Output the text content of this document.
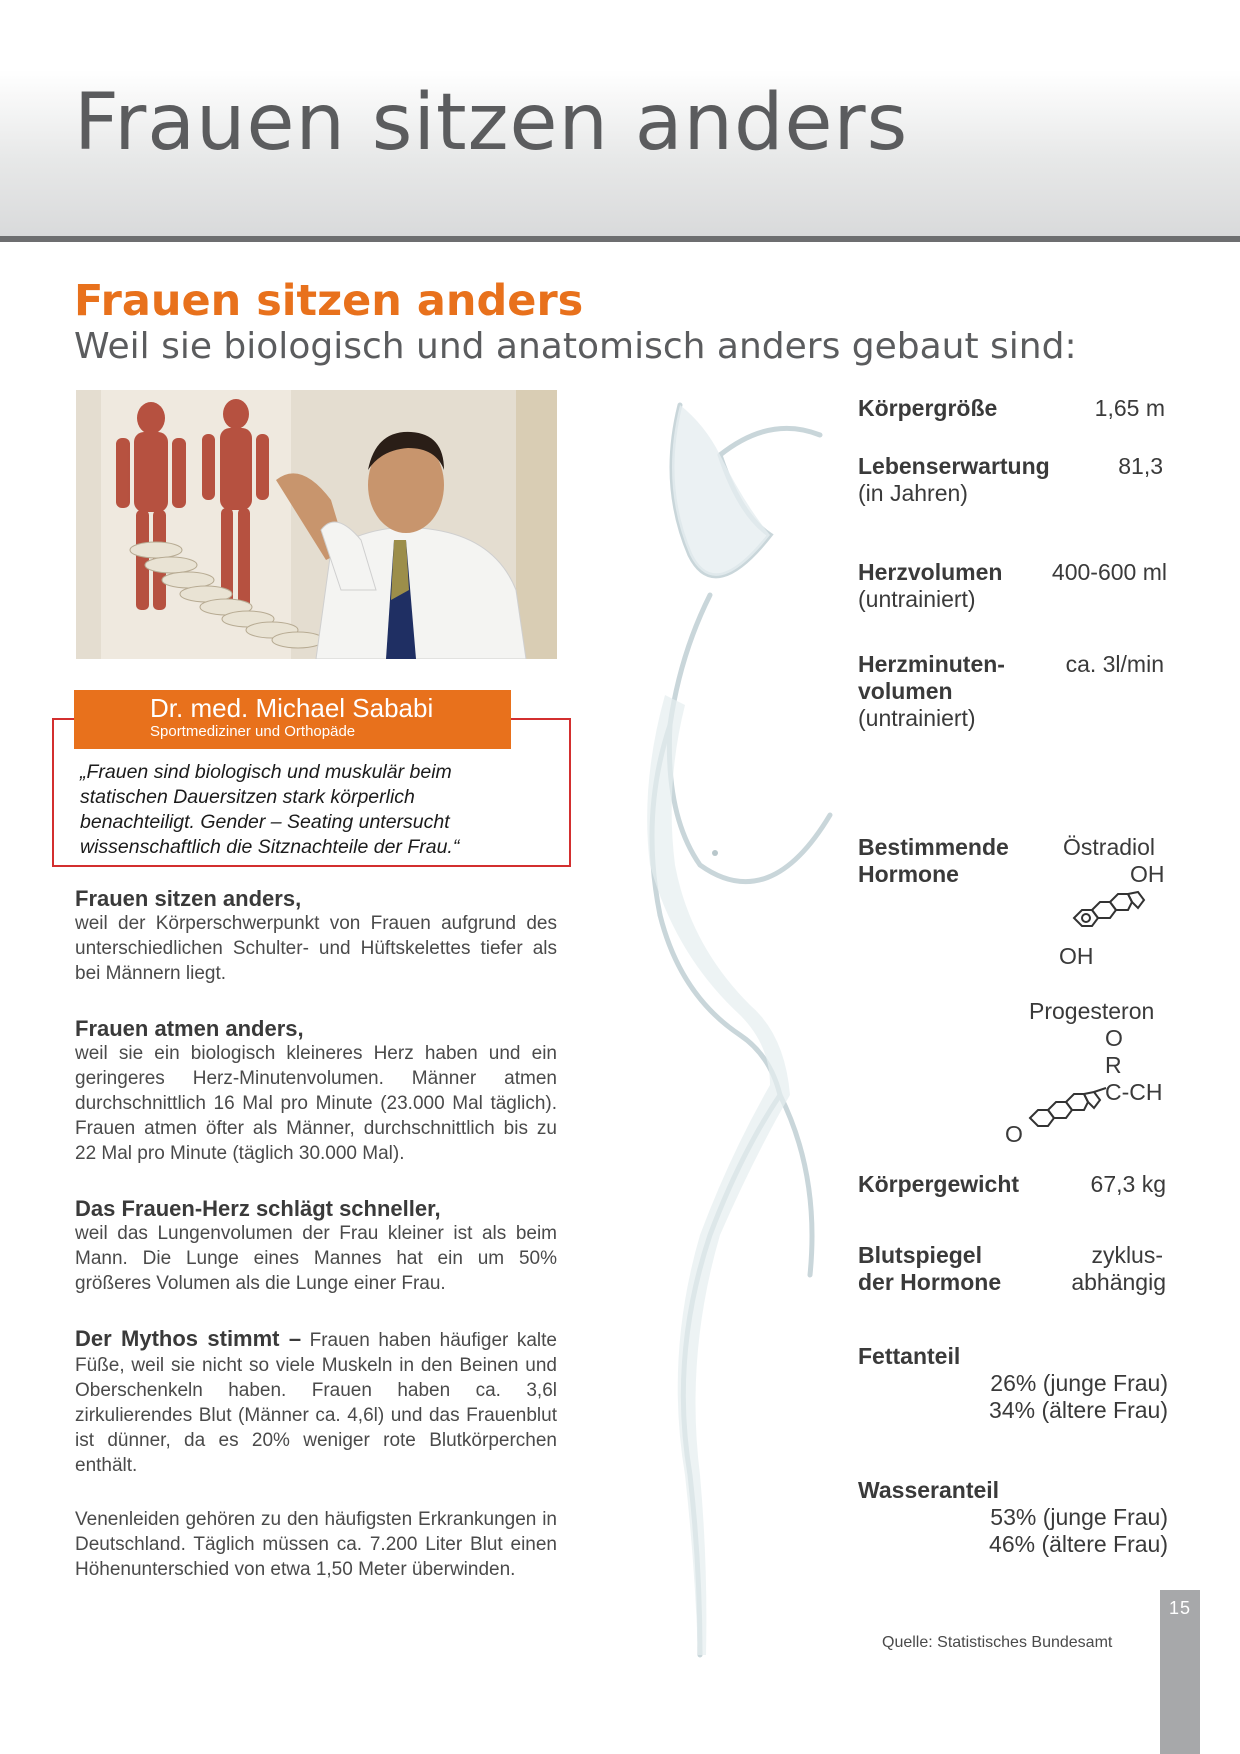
Frauen sitzen anders
Frauen sitzen anders
Weil sie biologisch und anatomisch anders gebaut sind:
Dr. med. Michael Sababi
Sportmediziner und Orthopäde
„Frauen sind biologisch und muskulär beim
statischen Dauersitzen stark körperlich
benachteiligt. Gender – Seating untersucht
wissenschaftlich die Sitznachteile der Frau.“
Frauen sitzen anders,
weil der Körperschwerpunkt von Frauen aufgrund des unterschiedlichen Schulter- und Hüftskelettes tiefer als bei Männern liegt.
Frauen atmen anders,
weil sie ein biologisch kleineres Herz haben und ein geringeres Herz-Minutenvolumen. Männer atmen durchschnittlich 16 Mal pro Minute (23.000 Mal täglich). Frauen atmen öfter als Männer, durchschnittlich bis zu 22 Mal pro Minute (täglich 30.000 Mal).
Das Frauen-Herz schlägt schneller,
weil das Lungenvolumen der Frau kleiner ist als beim Mann. Die Lunge eines Mannes hat ein um 50% größeres Volumen als die Lunge einer Frau.
Der Mythos stimmt – Frauen haben häufiger kalte Füße, weil sie nicht so viele Muskeln in den Beinen und Oberschenkeln haben. Frauen haben ca. 3,6l zirkulierendes Blut (Männer ca. 4,6l) und das Frauenblut ist dünner, da es 20% weniger rote Blutkörperchen enthält.
Venenleiden gehören zu den häufigsten Erkrankungen in Deutschland. Täglich müssen ca. 7.200 Liter Blut einen Höhenunterschied von etwa 1,50 Meter überwinden.
Körpergröße	1,65 m
Lebenserwartung
(in Jahren)
81,3
Herzvolumen
(untrainiert)
400-600 ml
Herzminuten-
volumen
(untrainiert)
ca. 3l/min
Bestimmende
Hormone
Östradiol
OH
OH
Progesteron
O
R
C-CH
O
Körpergewicht	67,3 kg
Blutspiegel
der Hormone
zyklus-
abhängig
Fettanteil
26% (junge Frau)
34% (ältere Frau)
Wasseranteil
53% (junge Frau)
46% (ältere Frau)
Quelle: Statistisches Bundesamt
15
